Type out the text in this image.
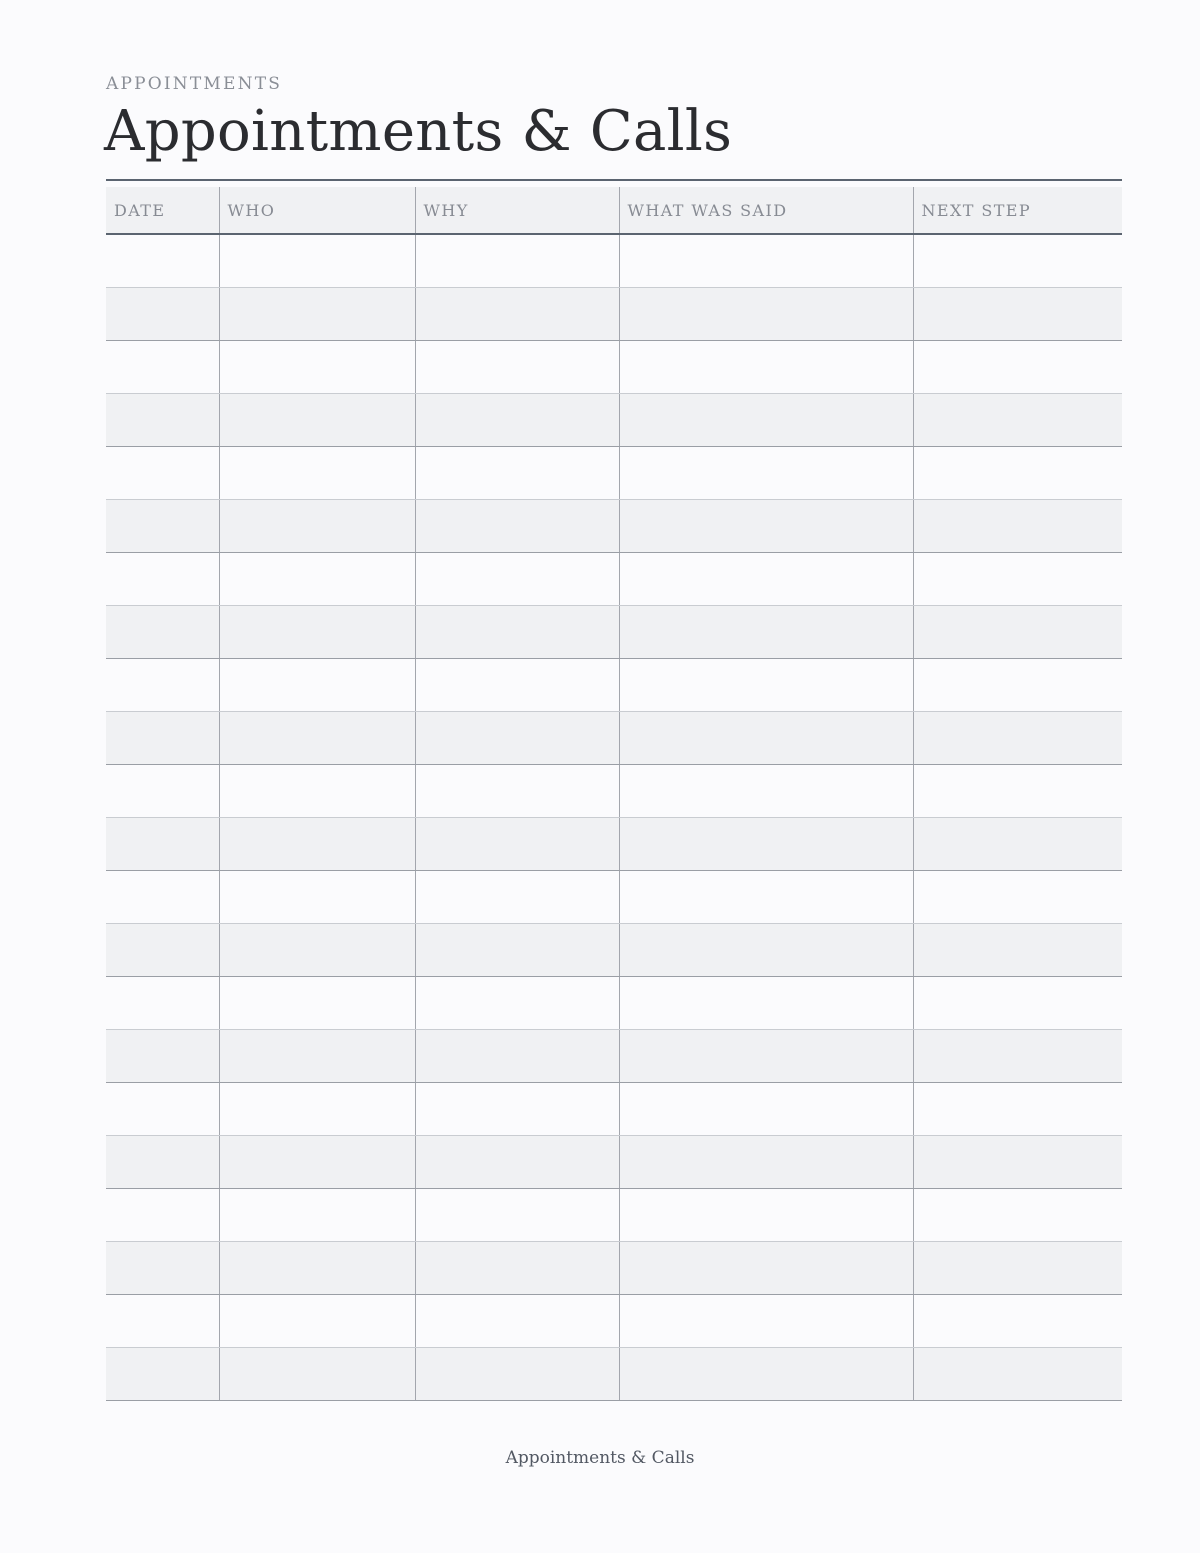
APPOINTMENTS
Appointments & Calls
DATE	WHO	WHY	WHAT WAS SAID	NEXT STEP

Appointments & Calls
